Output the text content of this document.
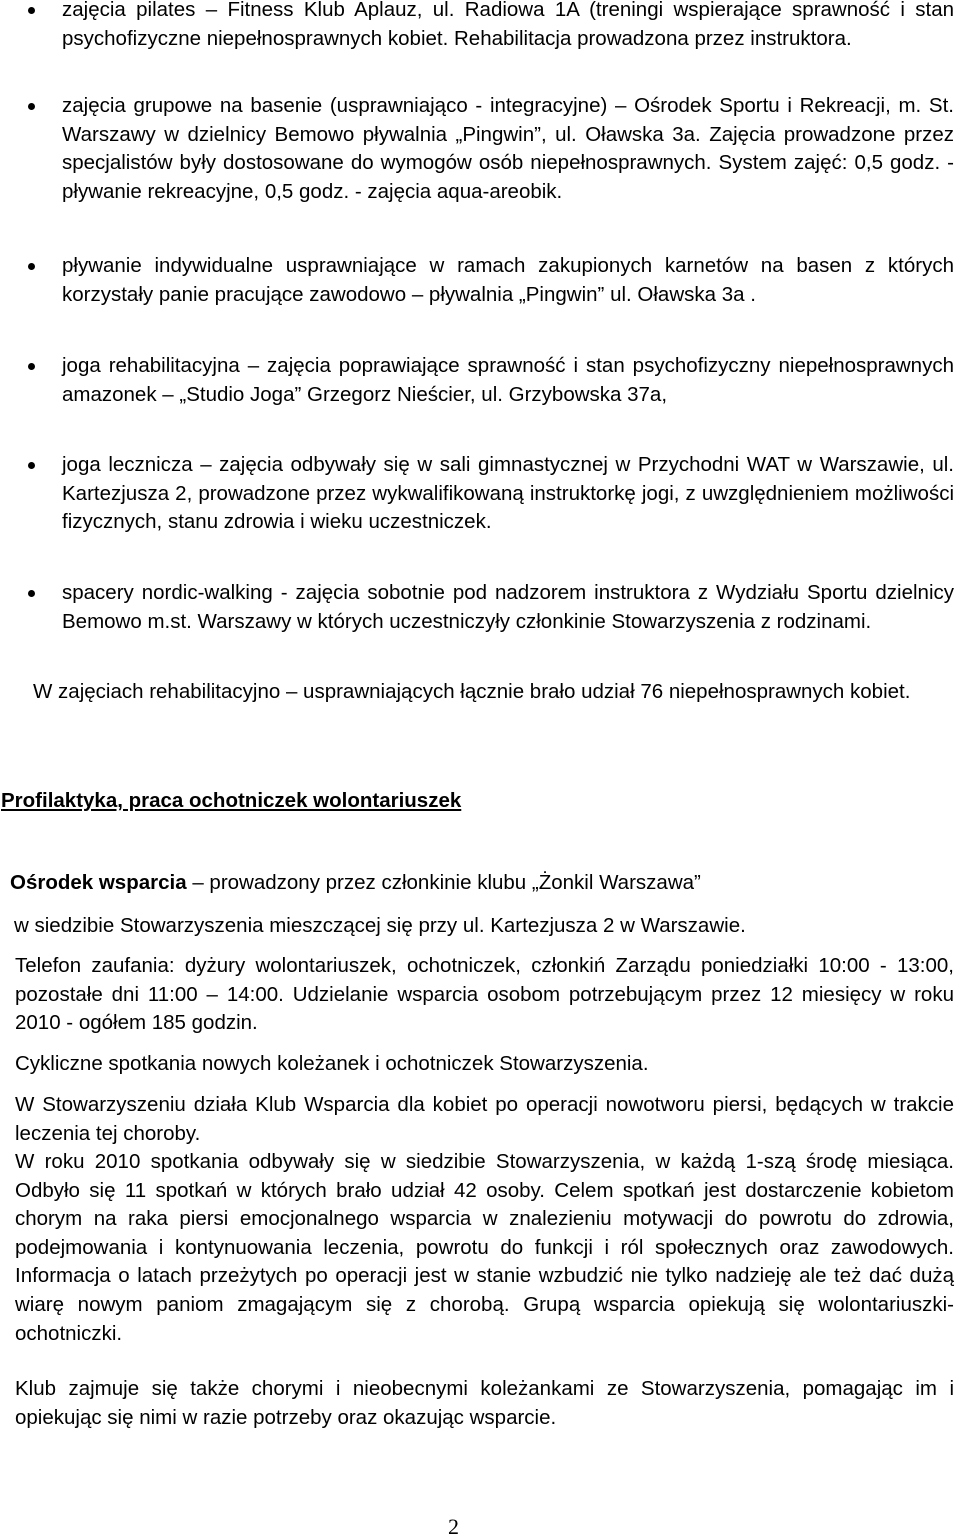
zajęcia pilates – Fitness Klub Aplauz, ul. Radiowa 1A (treningi wspierające sprawność i stan psychofizyczne niepełnosprawnych kobiet. Rehabilitacja prowadzona przez instruktora.
zajęcia grupowe na basenie (usprawniająco - integracyjne) – Ośrodek Sportu i Rekreacji, m. St. Warszawy w dzielnicy Bemowo pływalnia „Pingwin”, ul. Oławska 3a. Zajęcia prowadzone przez specjalistów były dostosowane do wymogów osób niepełnosprawnych. System zajęć: 0,5 godz. - pływanie rekreacyjne, 0,5 godz. - zajęcia aqua-areobik.
pływanie indywidualne usprawniające w ramach zakupionych karnetów na basen z których korzystały panie pracujące zawodowo – pływalnia „Pingwin” ul. Oławska 3a .
joga rehabilitacyjna – zajęcia poprawiające sprawność i stan psychofizyczny niepełnosprawnych amazonek – „Studio Joga” Grzegorz Nieścier, ul. Grzybowska 37a,
joga lecznicza – zajęcia odbywały się w sali gimnastycznej w Przychodni WAT w Warszawie, ul. Kartezjusza 2, prowadzone przez wykwalifikowaną instruktorkę jogi, z uwzględnieniem możliwości fizycznych, stanu zdrowia i wieku uczestniczek.
spacery nordic-walking - zajęcia sobotnie pod nadzorem instruktora z Wydziału Sportu dzielnicy Bemowo m.st. Warszawy w których uczestniczyły członkinie Stowarzyszenia z rodzinami.

W zajęciach rehabilitacyjno – usprawniających łącznie brało udział 76 niepełnosprawnych kobiet.

Profilaktyka, praca ochotniczek wolontariuszek

Ośrodek wsparcia – prowadzony przez członkinie klubu „Żonkil Warszawa”

w siedzibie Stowarzyszenia mieszczącej się przy ul. Kartezjusza 2 w Warszawie.

Telefon zaufania: dyżury wolontariuszek, ochotniczek, członkiń Zarządu poniedziałki 10:00 - 13:00, pozostałe dni 11:00 – 14:00. Udzielanie wsparcia osobom potrzebującym przez 12 miesięcy w roku 2010 - ogółem 185 godzin.

Cykliczne spotkania nowych koleżanek i ochotniczek Stowarzyszenia.

W Stowarzyszeniu działa Klub Wsparcia dla kobiet po operacji nowotworu piersi, będących w trakcie leczenia tej choroby.

W roku 2010 spotkania odbywały się w siedzibie Stowarzyszenia, w każdą 1-szą środę miesiąca. Odbyło się 11 spotkań w których brało udział 42 osoby. Celem spotkań jest dostarczenie kobietom chorym na raka piersi emocjonalnego wsparcia w znalezieniu motywacji do powrotu do zdrowia, podejmowania i kontynuowania leczenia, powrotu do funkcji i ról społecznych oraz zawodowych. Informacja o latach przeżytych po operacji jest w stanie wzbudzić nie tylko nadzieję ale też dać dużą wiarę nowym paniom zmagającym się z chorobą. Grupą wsparcia opiekują się wolontariuszki-ochotniczki.

Klub zajmuje się także chorymi i nieobecnymi koleżankami ze Stowarzyszenia, pomagając im i opiekując się nimi w razie potrzeby oraz okazując wsparcie.

2
